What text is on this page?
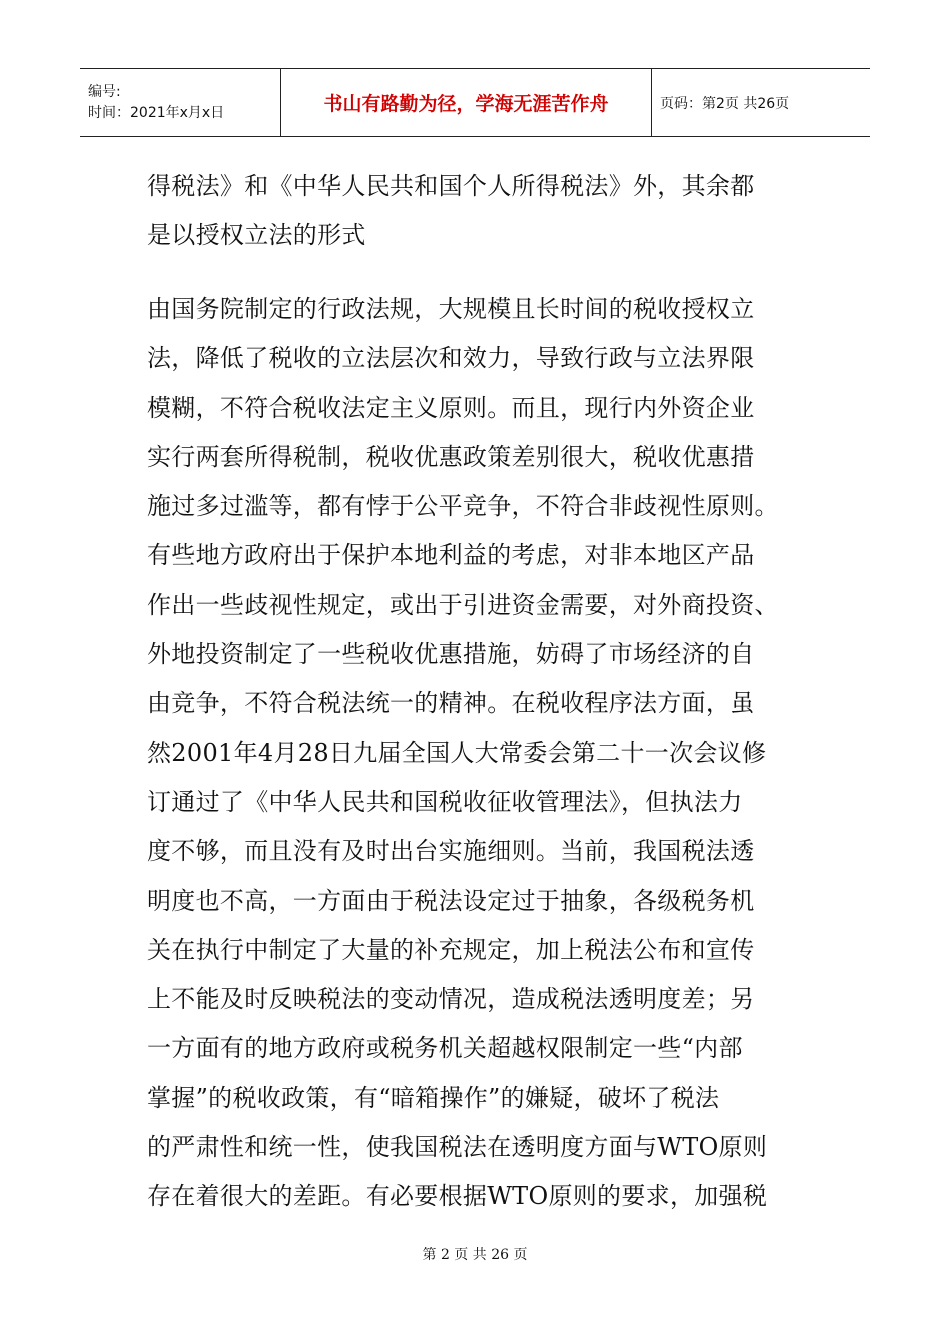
编号:
时间：2021年x月x日	书山有路勤为径，学海无涯苦作舟	页码：第2页 共26页
得税法》和《中华人民共和国个人所得税法》外，其余都
是以授权立法的形式
由国务院制定的行政法规，大规模且长时间的税收授权立
法，降低了税收的立法层次和效力，导致行政与立法界限
模糊，不符合税收法定主义原则。而且，现行内外资企业
实行两套所得税制，税收优惠政策差别很大，税收优惠措
施过多过滥等，都有悖于公平竞争，不符合非歧视性原则。
有些地方政府出于保护本地利益的考虑，对非本地区产品
作出一些歧视性规定，或出于引进资金需要，对外商投资、
外地投资制定了一些税收优惠措施，妨碍了市场经济的自
由竞争，不符合税法统一的精神。在税收程序法方面，虽
然2001年4月28日九届全国人大常委会第二十一次会议修
订通过了《中华人民共和国税收征收管理法》，但执法力
度不够，而且没有及时出台实施细则。当前，我国税法透
明度也不高，一方面由于税法设定过于抽象，各级税务机
关在执行中制定了大量的补充规定，加上税法公布和宣传
上不能及时反映税法的变动情况，造成税法透明度差；另
一方面有的地方政府或税务机关超越权限制定一些“内部
掌握”的税收政策，有“暗箱操作”的嫌疑，破坏了税法
的严肃性和统一性，使我国税法在透明度方面与WTO原则
存在着很大的差距。有必要根据WTO原则的要求，加强税
第 2 页 共 26 页
